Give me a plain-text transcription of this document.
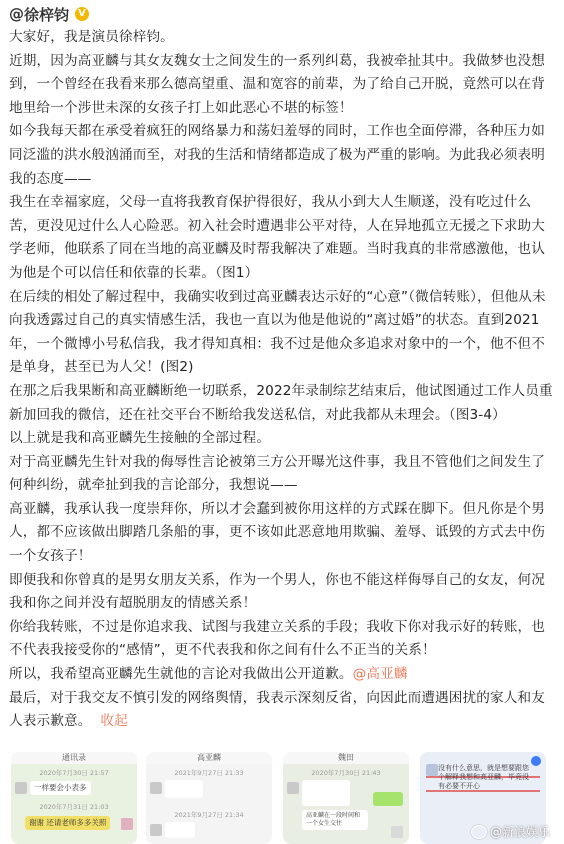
@ 徐梓钧 V

大家好，我是演员徐梓钧。

近期，因为高亚麟与其女友魏女士之间发生的一系列纠葛，我被牵扯其中。我做梦也没想到，一个曾经在我看来那么德高望重、温和宽容的前辈，为了给自己开脱，竟然可以在背地里给一个涉世未深的女孩子打上如此恶心不堪的标签！

如今我每天都在承受着疯狂的网络暴力和荡妇羞辱的同时，工作也全面停滞，各种压力如同泛滥的洪水般汹涌而至，对我的生活和情绪都造成了极为严重的影响。为此我必须表明我的态度——

我生在幸福家庭，父母一直将我教育保护得很好，我从小到大人生顺遂，没有吃过什么苦，更没见过什么人心险恶。初入社会时遭遇非公平对待，人在异地孤立无援之下求助大学老师，他联系了同在当地的高亚麟及时帮我解决了难题。当时我真的非常感激他，也认为他是个可以信任和依靠的长辈。（图1）

在后续的相处了解过程中，我确实收到过高亚麟表达示好的“心意”（微信转账），但他从未向我透露过自己的真实情感生活，我也一直以为他是他说的“离过婚”的状态。直到2021年，一个微博小号私信我，我才得知真相：我不过是他众多追求对象中的一个，他不但不是单身，甚至已为人父！(图2)

在那之后我果断和高亚麟断绝一切联系，2022年录制综艺结束后，他试图通过工作人员重新加回我的微信，还在社交平台不断给我发送私信，对此我都从未理会。（图3-4）

以上就是我和高亚麟先生接触的全部过程。

对于高亚麟先生针对我的侮辱性言论被第三方公开曝光这件事，我且不管他们之间发生了何种纠纷，就牵扯到我的言论部分，我想说——

高亚麟，我承认我一度崇拜你，所以才会蠢到被你用这样的方式踩在脚下。但凡你是个男人，都不应该做出脚踏几条船的事，更不该如此恶意地用欺骗、羞辱、诋毁的方式去中伤一个女孩子！

即便我和你曾真的是男女朋友关系，作为一个男人，你也不能这样侮辱自己的女友，何况我和你之间并没有超脱朋友的情感关系！

你给我转账，不过是你追求我、试图与我建立关系的手段；我收下你对我示好的转账，也不代表我接受你的“感情”，更不代表我和你之间有什么不正当的关系！

所以，我希望高亚麟先生就他的言论对我做出公开道歉。@高亚麟

最后，对于我交友不慎引发的网络舆情，我表示深刻反省，向因此而遭遇困扰的家人和友人表示歉意。 收起

通讯录
2020年7月30日 21:57
一样要会小表多
2020年7月31日 21:03
谢谢 还请老师多多关照
高亚麟
2021年9月27日 21:33
2021年9月27日 21:34
魏田
2020年7月30日 21:43
高亚麟在一段时间和一个女生交往
没有什么意思，就是想要跟您个解释我想和高亚麟，毕竟没有必要不开心
@新浪娱乐
